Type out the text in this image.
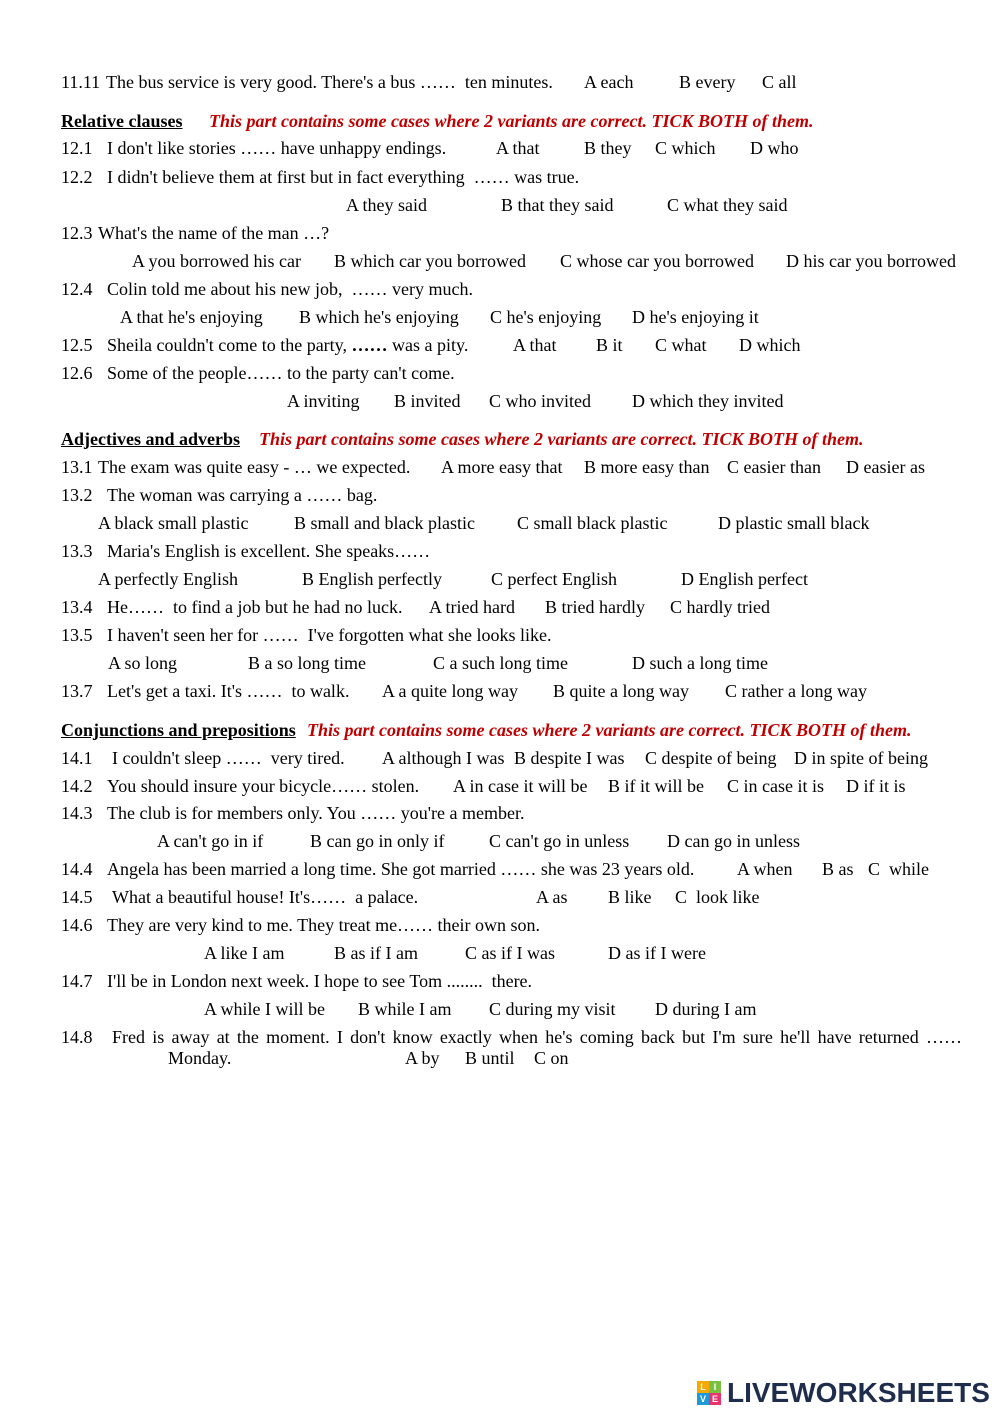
11.11 The bus service is very good. There's a bus ……  ten minutes. A each	B every C all
Relative clauses This part contains some cases where 2 variants are correct. TICK BOTH of them.
12.1 I don't like stories …… have unhappy endings.	A that B they C which D who
12.2 I didn't believe them at first but in fact everything  …… was true.
A they said	B that they said	C what they said
12.3 What's the name of the man …?
A you borrowed his car B which car you borrowed C whose car you borrowed D his car you borrowed
12.4 Colin told me about his new job,  …… very much.
A that he's enjoying B which he's enjoying C he's enjoying D he's enjoying it
12.5 Sheila couldn't come to the party, …… was a pity. A that B it C what D which
12.6 Some of the people…… to the party can't come.
A inviting B invited C who invited D which they invited
Adjectives and adverbs This part contains some cases where 2 variants are correct. TICK BOTH of them.
13.1 The exam was quite easy - … we expected. A more easy that B more easy than C easier than D easier as
13.2 The woman was carrying a …… bag.
A black small plastic	B small and black plastic C small black plastic	D plastic small black
13.3 Maria's English is excellent. She speaks……
A perfectly English	B English perfectly	C perfect English	D English perfect
13.4 He……  to find a job but he had no luck. A tried hard B tried hardly C hardly tried
13.5 I haven't seen her for ……  I've forgotten what she looks like.
A so long	B a so long time	C a such long time	D such a long time
13.7 Let's get a taxi. It's ……  to walk. A a quite long way B quite a long way C rather a long way
Conjunctions and prepositions This part contains some cases where 2 variants are correct. TICK BOTH of them.
14.1 I couldn't sleep ……  very tired. A although I was B despite I was C despite of being D in spite of being
14.2 You should insure your bicycle…… stolen. A in case it will be B if it will be C in case it is D if it is
14.3 The club is for members only. You …… you're a member.
A can't go in if	B can go in only if C can't go in unless D can go in unless
14.4 Angela has been married a long time. She got married …… she was 23 years old. A when B as C  while
14.5 What a beautiful house! It's……  a palace.	A as B like C  look like
14.6 They are very kind to me. They treat me…… their own son.
A like I am	B as if I am	C as if I was	D as if I were
14.7 I'll be in London next week. I hope to see Tom ........  there.
A while I will be B while I am C during my visit D during I am
14.8 Fred is away at the moment. I don't know exactly when he's coming back but I'm sure he'll have returned ……
Monday.	A by B until C on
L I
V E LIVEWORKSHEETS
